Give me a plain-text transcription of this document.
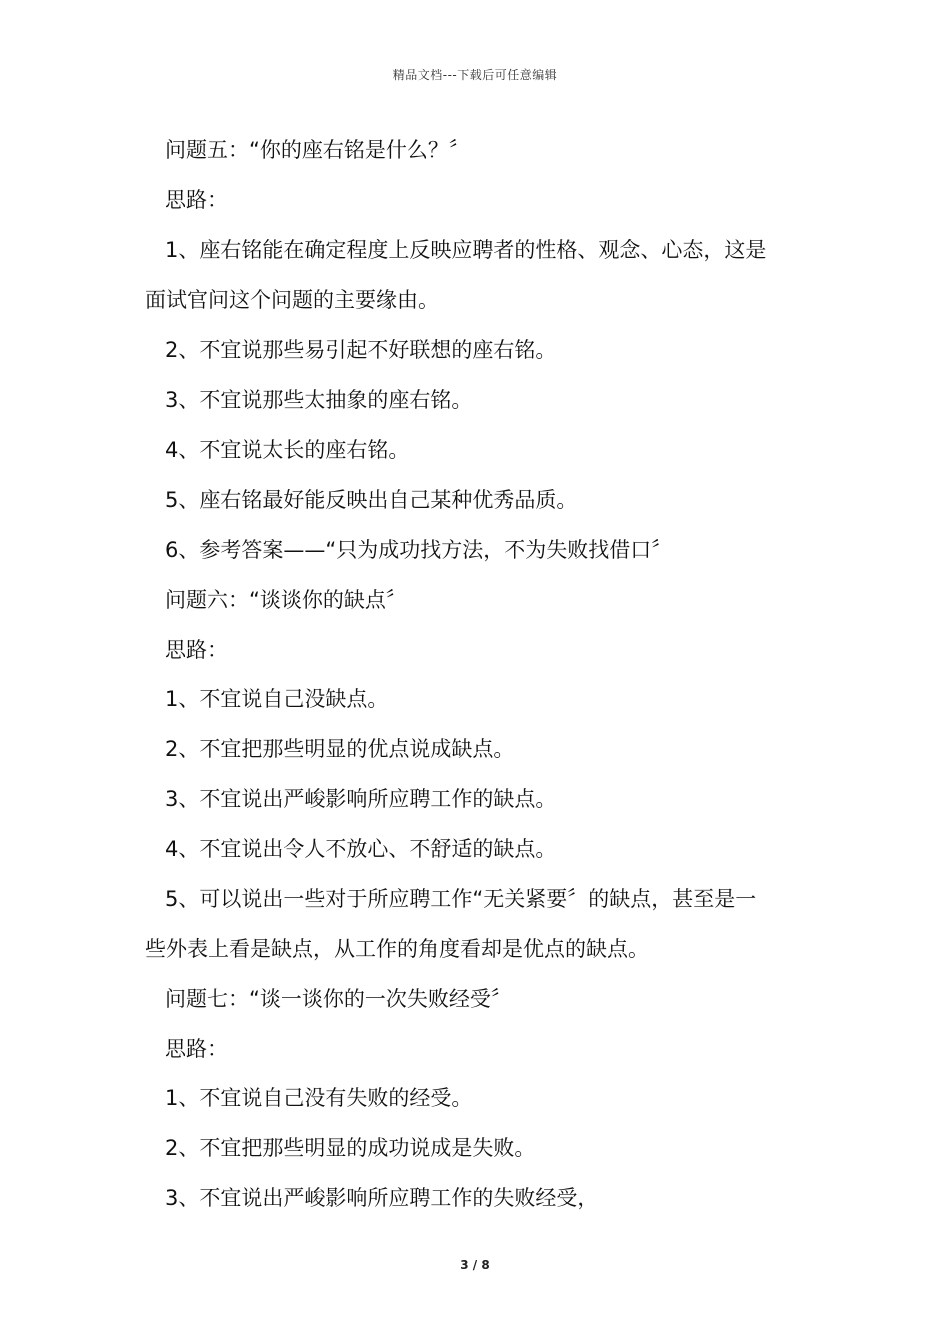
精品文档---下载后可任意编辑
问题五：“你的座右铭是什么？〞
思路：
1、座右铭能在确定程度上反映应聘者的性格、观念、心态，这是
面试官问这个问题的主要缘由。
2、不宜说那些易引起不好联想的座右铭。
3、不宜说那些太抽象的座右铭。
4、不宜说太长的座右铭。
5、座右铭最好能反映出自己某种优秀品质。
6、参考答案——“只为成功找方法，不为失败找借口〞
问题六：“谈谈你的缺点〞
思路：
1、不宜说自己没缺点。
2、不宜把那些明显的优点说成缺点。
3、不宜说出严峻影响所应聘工作的缺点。
4、不宜说出令人不放心、不舒适的缺点。
5、可以说出一些对于所应聘工作“无关紧要〞的缺点，甚至是一
些外表上看是缺点，从工作的角度看却是优点的缺点。
问题七：“谈一谈你的一次失败经受〞
思路：
1、不宜说自己没有失败的经受。
2、不宜把那些明显的成功说成是失败。
3、不宜说出严峻影响所应聘工作的失败经受，
3 / 8
